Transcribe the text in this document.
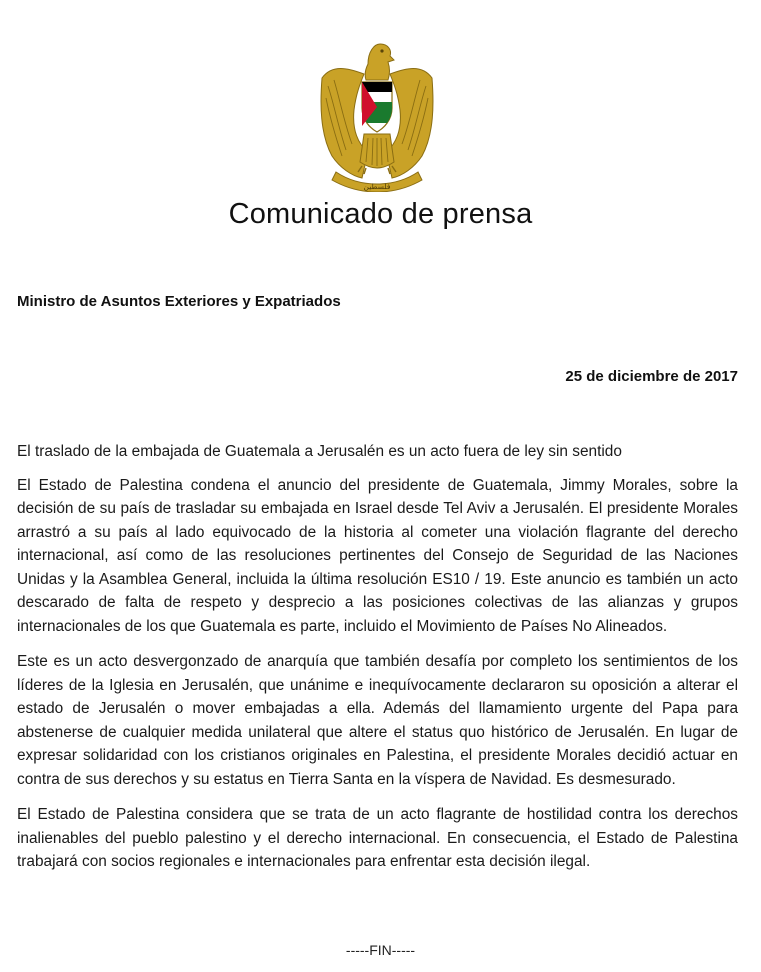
فلسطين
Comunicado de prensa
Ministro de Asuntos Exteriores y Expatriados
25 de diciembre de 2017

El traslado de la embajada de Guatemala a Jerusalén es un acto fuera de ley sin sentido

El Estado de Palestina condena el anuncio del presidente de Guatemala, Jimmy Morales, sobre la decisión de su país de trasladar su embajada en Israel desde Tel Aviv a Jerusalén. El presidente Morales arrastró a su país al lado equivocado de la historia al cometer una violación flagrante del derecho internacional, así como de las resoluciones pertinentes del Consejo de Seguridad de las Naciones Unidas y la Asamblea General, incluida la última resolución ES10 / 19. Este anuncio es también un acto descarado de falta de respeto y desprecio a las posiciones colectivas de las alianzas y grupos internacionales de los que Guatemala es parte, incluido el Movimiento de Países No Alineados.

Este es un acto desvergonzado de anarquía que también desafía por completo los sentimientos de los líderes de la Iglesia en Jerusalén, que unánime e inequívocamente declararon su oposición a alterar el estado de Jerusalén o mover embajadas a ella. Además del llamamiento urgente del Papa para abstenerse de cualquier medida unilateral que altere el status quo histórico de Jerusalén. En lugar de expresar solidaridad con los cristianos originales en Palestina, el presidente Morales decidió actuar en contra de sus derechos y su estatus en Tierra Santa en la víspera de Navidad. Es desmesurado.

El Estado de Palestina considera que se trata de un acto flagrante de hostilidad contra los derechos inalienables del pueblo palestino y el derecho internacional. En consecuencia, el Estado de Palestina trabajará con socios regionales e internacionales para enfrentar esta decisión ilegal.

-----FIN-----
